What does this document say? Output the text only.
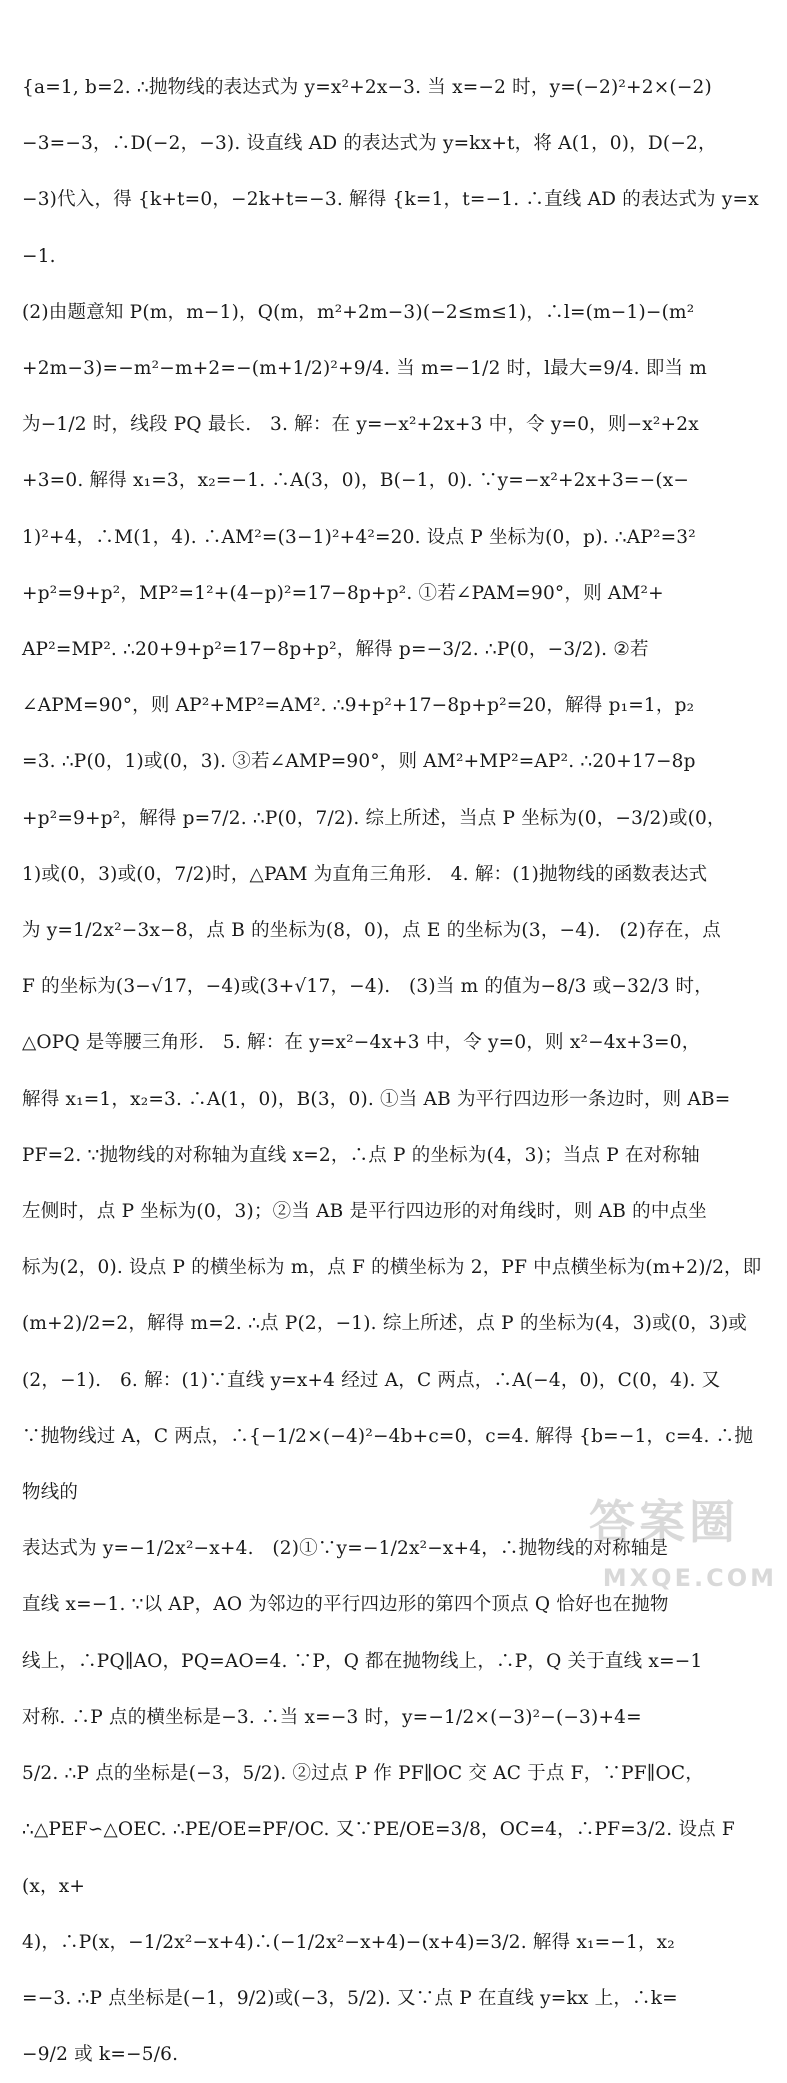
{a=1, b=2. ∴抛物线的表达式为 y=x²+2x−3. 当 x=−2 时，y=(−2)²+2×(−2)
−3=−3，∴D(−2，−3). 设直线 AD 的表达式为 y=kx+t，将 A(1，0)，D(−2，
−3)代入，得 {k+t=0，−2k+t=−3. 解得 {k=1，t=−1. ∴直线 AD 的表达式为 y=x−1.
(2)由题意知 P(m，m−1)，Q(m，m²+2m−3)(−2≤m≤1)，∴l=(m−1)−(m²
+2m−3)=−m²−m+2=−(m+1/2)²+9/4. 当 m=−1/2 时，l最大=9/4. 即当 m
为−1/2 时，线段 PQ 最长.　3. 解：在 y=−x²+2x+3 中，令 y=0，则−x²+2x
+3=0. 解得 x₁=3，x₂=−1. ∴A(3，0)，B(−1，0). ∵y=−x²+2x+3=−(x−
1)²+4，∴M(1，4). ∴AM²=(3−1)²+4²=20. 设点 P 坐标为(0，p). ∴AP²=3²
+p²=9+p²，MP²=1²+(4−p)²=17−8p+p². ①若∠PAM=90°，则 AM²+
AP²=MP². ∴20+9+p²=17−8p+p²，解得 p=−3/2. ∴P(0，−3/2). ②若
∠APM=90°，则 AP²+MP²=AM². ∴9+p²+17−8p+p²=20，解得 p₁=1，p₂
=3. ∴P(0，1)或(0，3). ③若∠AMP=90°，则 AM²+MP²=AP². ∴20+17−8p
+p²=9+p²，解得 p=7/2. ∴P(0，7/2). 综上所述，当点 P 坐标为(0，−3/2)或(0，
1)或(0，3)或(0，7/2)时，△PAM 为直角三角形.　4. 解：(1)抛物线的函数表达式
为 y=1/2x²−3x−8，点 B 的坐标为(8，0)，点 E 的坐标为(3，−4).　(2)存在，点
F 的坐标为(3−√17，−4)或(3+√17，−4).　(3)当 m 的值为−8/3 或−32/3 时，
△OPQ 是等腰三角形.　5. 解：在 y=x²−4x+3 中，令 y=0，则 x²−4x+3=0，
解得 x₁=1，x₂=3. ∴A(1，0)，B(3，0). ①当 AB 为平行四边形一条边时，则 AB=
PF=2. ∵抛物线的对称轴为直线 x=2，∴点 P 的坐标为(4，3)；当点 P 在对称轴
左侧时，点 P 坐标为(0，3)；②当 AB 是平行四边形的对角线时，则 AB 的中点坐
标为(2，0). 设点 P 的横坐标为 m，点 F 的横坐标为 2，PF 中点横坐标为(m+2)/2，即
(m+2)/2=2，解得 m=2. ∴点 P(2，−1). 综上所述，点 P 的坐标为(4，3)或(0，3)或
(2，−1).　6. 解：(1)∵直线 y=x+4 经过 A，C 两点，∴A(−4，0)，C(0，4). 又
∵抛物线过 A，C 两点，∴{−1/2×(−4)²−4b+c=0，c=4. 解得 {b=−1，c=4. ∴抛物线的
表达式为 y=−1/2x²−x+4.　(2)①∵y=−1/2x²−x+4，∴抛物线的对称轴是
直线 x=−1. ∵以 AP，AO 为邻边的平行四边形的第四个顶点 Q 恰好也在抛物
线上，∴PQ∥AO，PQ=AO=4. ∵P，Q 都在抛物线上，∴P，Q 关于直线 x=−1
对称. ∴P 点的横坐标是−3. ∴当 x=−3 时，y=−1/2×(−3)²−(−3)+4=
5/2. ∴P 点的坐标是(−3，5/2). ②过点 P 作 PF∥OC 交 AC 于点 F，∵PF∥OC，
∴△PEF∽△OEC. ∴PE/OE=PF/OC. 又∵PE/OE=3/8，OC=4，∴PF=3/2. 设点 F(x，x+
4)，∴P(x，−1/2x²−x+4)∴(−1/2x²−x+4)−(x+4)=3/2. 解得 x₁=−1，x₂
=−3. ∴P 点坐标是(−1，9/2)或(−3，5/2). 又∵点 P 在直线 y=kx 上，∴k=
−9/2 或 k=−5/6.
答案圈
MXQE.COM
